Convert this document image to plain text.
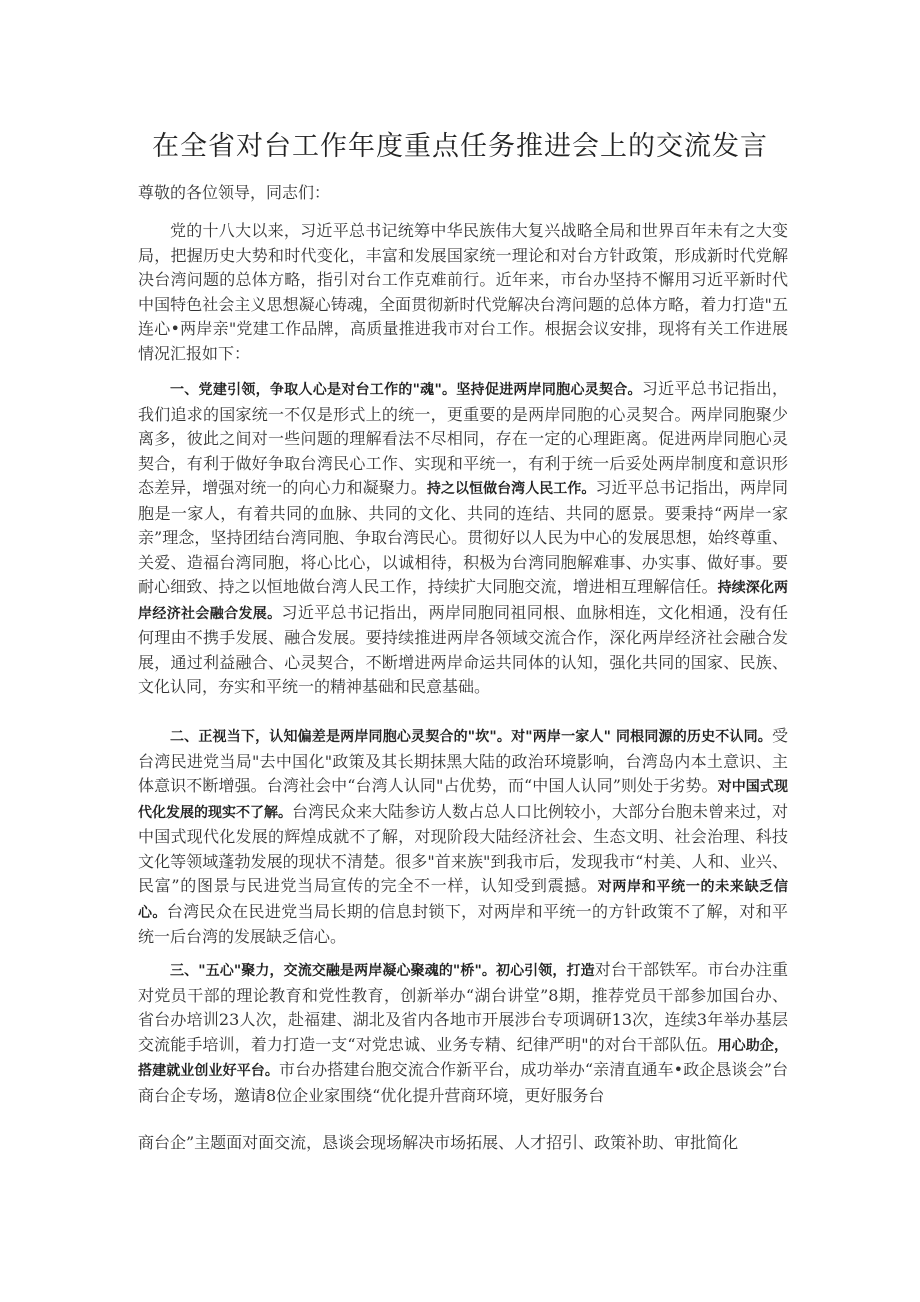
在全省对台工作年度重点任务推进会上的交流发言

尊敬的各位领导，同志们：

党的十八大以来，习近平总书记统筹中华民族伟大复兴战略全局和世界百年未有之大变局，把握历史大势和时代变化，丰富和发展国家统一理论和对台方针政策，形成新时代党解决台湾问题的总体方略，指引对台工作克难前行。近年来，市台办坚持不懈用习近平新时代中国特色社会主义思想凝心铸魂，全面贯彻新时代党解决台湾问题的总体方略，着力打造"五连心•两岸亲"党建工作品牌，高质量推进我市对台工作。根据会议安排，现将有关工作进展情况汇报如下：

一、党建引领，争取人心是对台工作的"魂"。坚持促进两岸同胞心灵契合。习近平总书记指出，我们追求的国家统一不仅是形式上的统一，更重要的是两岸同胞的心灵契合。两岸同胞聚少离多，彼此之间对一些问题的理解看法不尽相同，存在一定的心理距离。促进两岸同胞心灵契合，有利于做好争取台湾民心工作、实现和平统一，有利于统一后妥处两岸制度和意识形态差异，增强对统一的向心力和凝聚力。持之以恒做台湾人民工作。习近平总书记指出，两岸同胞是一家人，有着共同的血脉、共同的文化、共同的连结、共同的愿景。要秉持“两岸一家亲”理念，坚持团结台湾同胞、争取台湾民心。贯彻好以人民为中心的发展思想，始终尊重、关爱、造福台湾同胞，将心比心，以诚相待，积极为台湾同胞解难事、办实事、做好事。要耐心细致、持之以恒地做台湾人民工作，持续扩大同胞交流，增进相互理解信任。持续深化两岸经济社会融合发展。习近平总书记指出，两岸同胞同祖同根、血脉相连，文化相通，没有任何理由不携手发展、融合发展。要持续推进两岸各领域交流合作，深化两岸经济社会融合发展，通过利益融合、心灵契合，不断增进两岸命运共同体的认知，强化共同的国家、民族、文化认同，夯实和平统一的精神基础和民意基础。

二、正视当下，认知偏差是两岸同胞心灵契合的"坎"。对"两岸一家人" 同根同源的历史不认同。受台湾民进党当局"去中国化"政策及其长期抹黑大陆的政治环境影响，台湾岛内本土意识、主体意识不断增强。台湾社会中“台湾人认同"占优势，而“中国人认同”则处于劣势。对中国式现代化发展的现实不了解。台湾民众来大陆参访人数占总人口比例较小，大部分台胞未曾来过，对中国式现代化发展的辉煌成就不了解，对现阶段大陆经济社会、生态文明、社会治理、科技文化等领域蓬勃发展的现状不清楚。很多"首来族"到我市后，发现我市“村美、人和、业兴、民富”的图景与民进党当局宣传的完全不一样，认知受到震撼。对两岸和平统一的未来缺乏信心。台湾民众在民进党当局长期的信息封锁下，对两岸和平统一的方针政策不了解，对和平统一后台湾的发展缺乏信心。

三、"五心"聚力，交流交融是两岸凝心聚魂的"桥"。初心引领，打造对台干部铁军。市台办注重对党员干部的理论教育和党性教育，创新举办“湖台讲堂”8期，推荐党员干部参加国台办、省台办培训23人次，赴福建、湖北及省内各地市开展涉台专项调研13次，连续3年举办基层交流能手培训，着力打造一支“对党忠诚、业务专精、纪律严明"的对台干部队伍。用心助企，搭建就业创业好平台。市台办搭建台胞交流合作新平台，成功举办“亲清直通车•政企恳谈会”台商台企专场，邀请8位企业家围绕“优化提升营商环境，更好服务台

商台企”主题面对面交流，恳谈会现场解决市场拓展、人才招引、政策补助、审批简化
